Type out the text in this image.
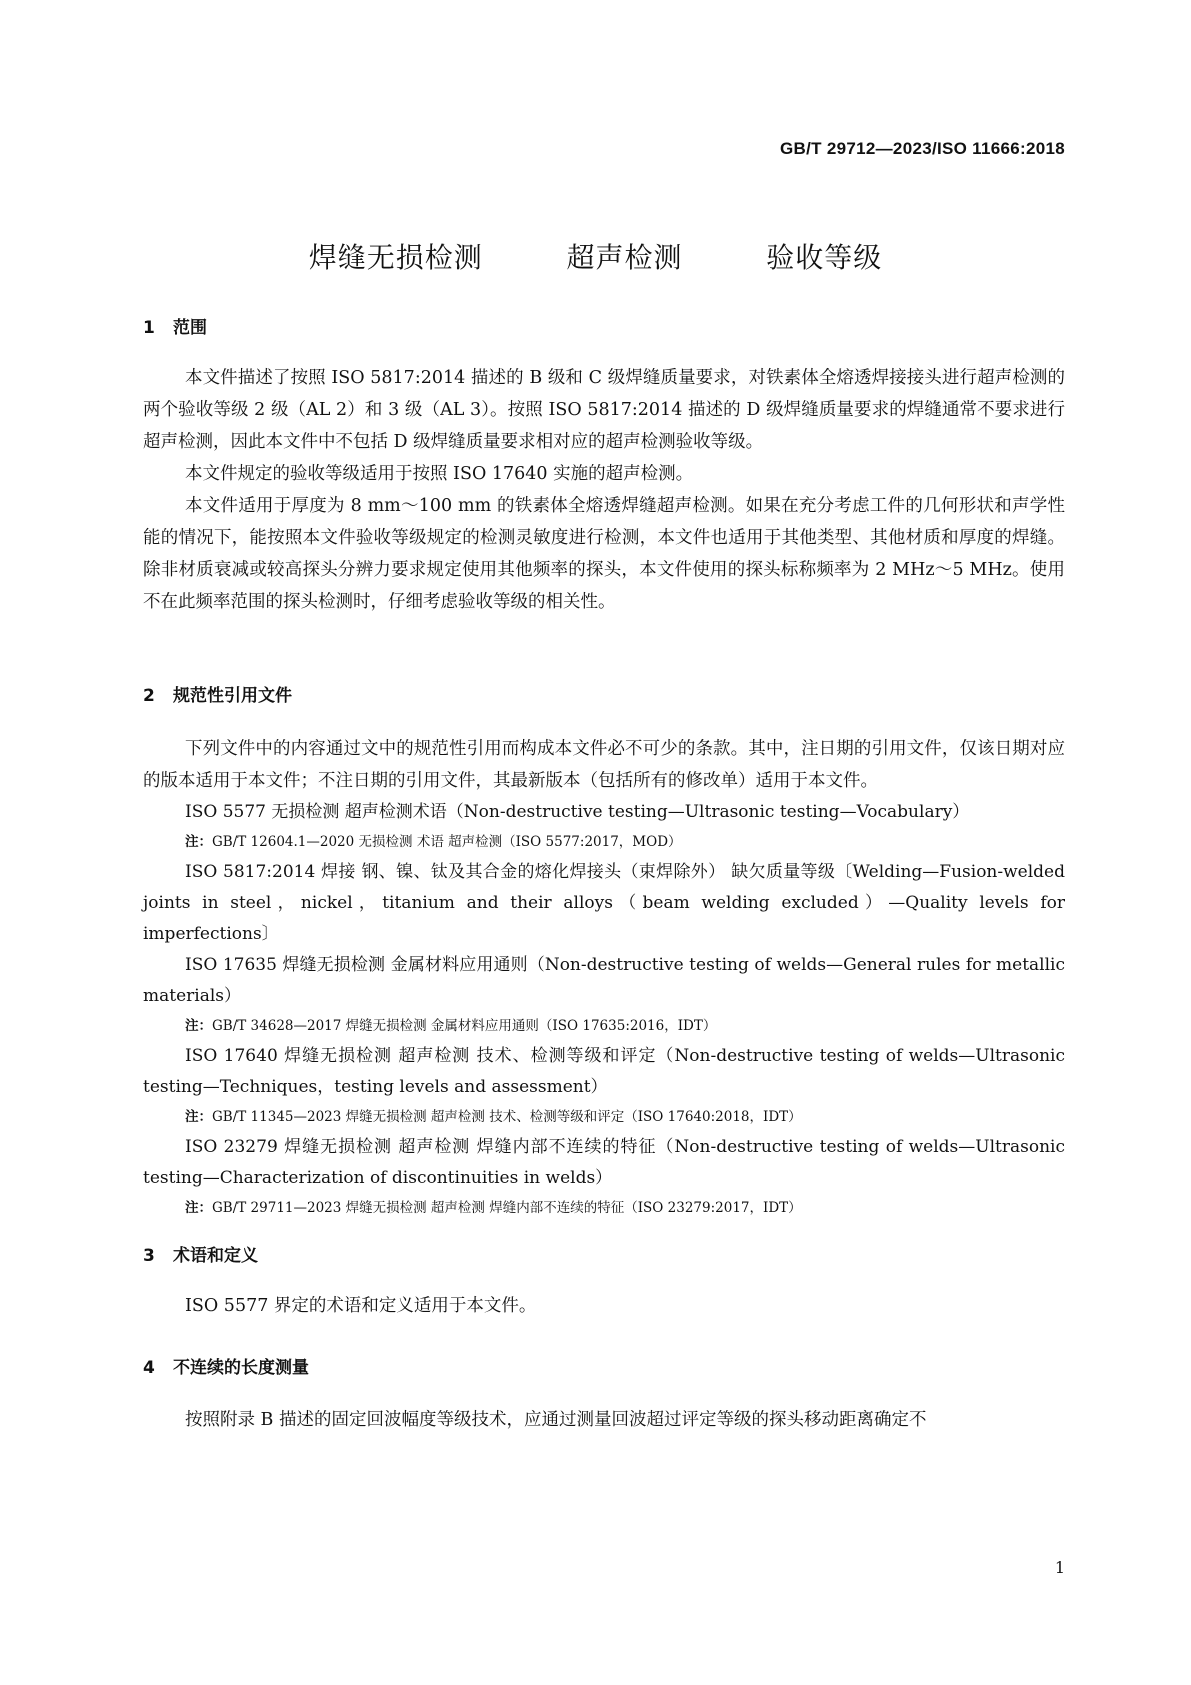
GB/T 29712—2023/ISO 11666:2018
焊缝无损检测   超声检测   验收等级
1 范围

本文件描述了按照 ISO 5817:2014 描述的 B 级和 C 级焊缝质量要求，对铁素体全熔透焊接接头进行超声检测的两个验收等级 2 级（AL 2）和 3 级（AL 3）。按照 ISO 5817:2014 描述的 D 级焊缝质量要求的焊缝通常不要求进行超声检测，因此本文件中不包括 D 级焊缝质量要求相对应的超声检测验收等级。

本文件规定的验收等级适用于按照 ISO 17640 实施的超声检测。

本文件适用于厚度为 8 mm～100 mm 的铁素体全熔透焊缝超声检测。如果在充分考虑工件的几何形状和声学性能的情况下，能按照本文件验收等级规定的检测灵敏度进行检测，本文件也适用于其他类型、其他材质和厚度的焊缝。除非材质衰减或较高探头分辨力要求规定使用其他频率的探头，本文件使用的探头标称频率为 2 MHz～5 MHz。使用不在此频率范围的探头检测时，仔细考虑验收等级的相关性。

2 规范性引用文件

下列文件中的内容通过文中的规范性引用而构成本文件必不可少的条款。其中，注日期的引用文件，仅该日期对应的版本适用于本文件；不注日期的引用文件，其最新版本（包括所有的修改单）适用于本文件。

ISO 5577 无损检测 超声检测术语（Non-destructive testing—Ultrasonic testing—Vocabulary）

注：GB/T 12604.1—2020 无损检测 术语 超声检测（ISO 5577:2017，MOD）

ISO 5817:2014 焊接 钢、镍、钛及其合金的熔化焊接头（束焊除外） 缺欠质量等级〔Welding—Fusion-welded joints in steel，nickel，titanium and their alloys（beam welding excluded）—Quality levels for imperfections〕

ISO 17635 焊缝无损检测 金属材料应用通则（Non-destructive testing of welds—General rules for metallic materials）

注：GB/T 34628—2017 焊缝无损检测 金属材料应用通则（ISO 17635:2016，IDT）

ISO 17640 焊缝无损检测 超声检测 技术、检测等级和评定（Non-destructive testing of welds—Ultrasonic testing—Techniques，testing levels and assessment）

注：GB/T 11345—2023 焊缝无损检测 超声检测 技术、检测等级和评定（ISO 17640:2018，IDT）

ISO 23279 焊缝无损检测 超声检测 焊缝内部不连续的特征（Non-destructive testing of welds—Ultrasonic testing—Characterization of discontinuities in welds）

注：GB/T 29711—2023 焊缝无损检测 超声检测 焊缝内部不连续的特征（ISO 23279:2017，IDT）

3 术语和定义

ISO 5577 界定的术语和定义适用于本文件。

4 不连续的长度测量

按照附录 B 描述的固定回波幅度等级技术，应通过测量回波超过评定等级的探头移动距离确定不

1
